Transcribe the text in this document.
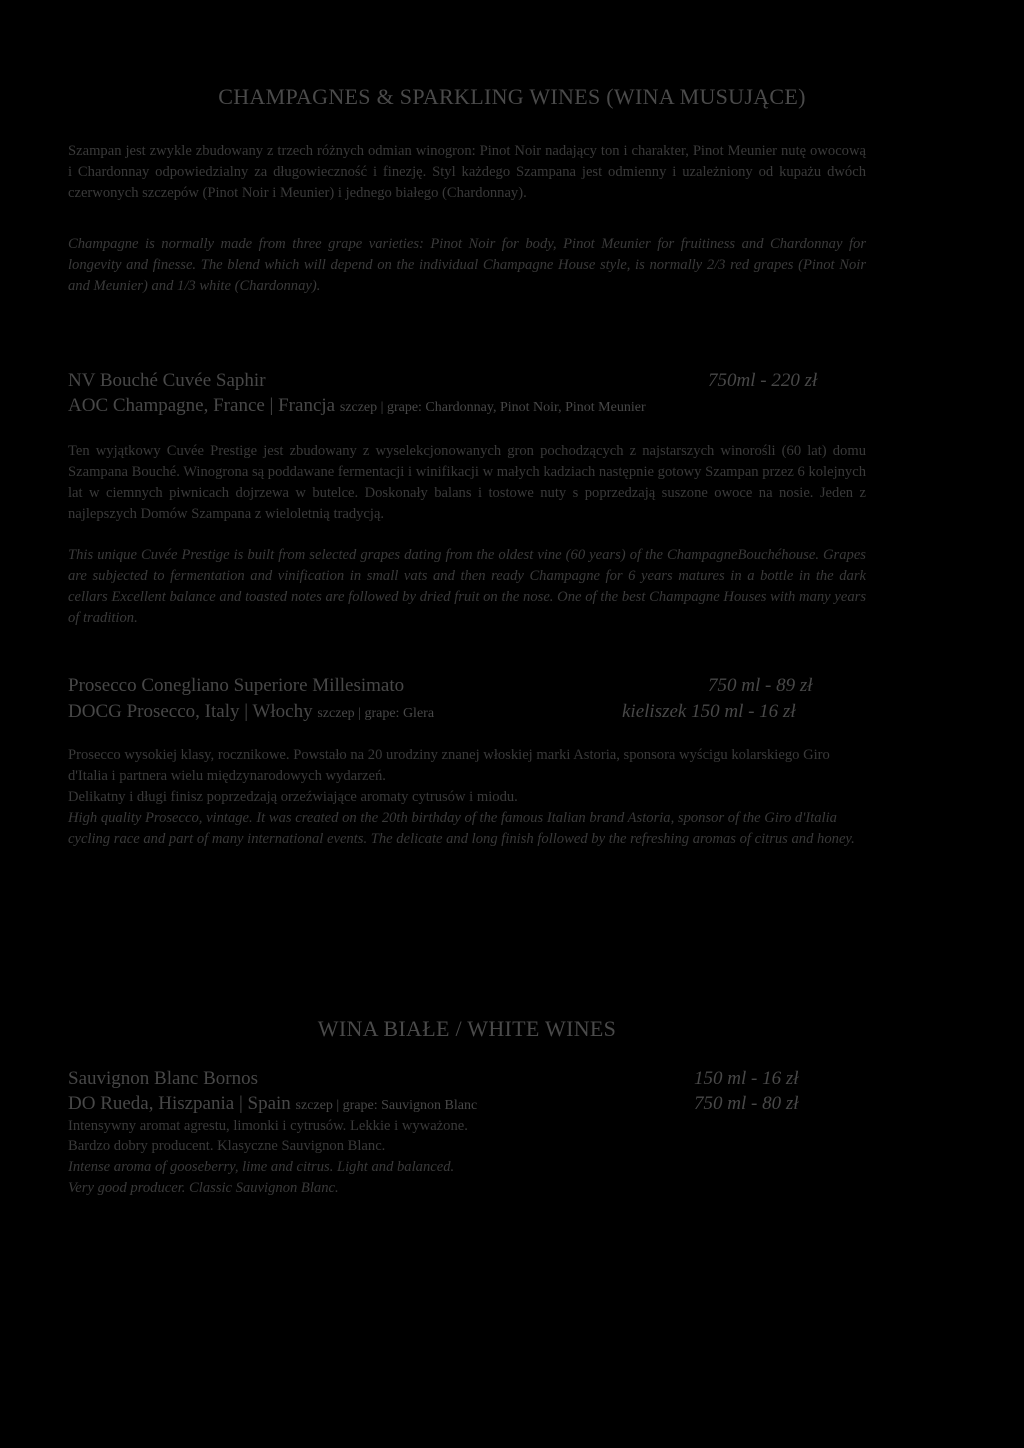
CHAMPAGNES & SPARKLING WINES (WINA MUSUJĄCE)

Szampan jest zwykle zbudowany z trzech różnych odmian winogron: Pinot Noir nadający ton i charakter, Pinot Meunier nutę owocową i Chardonnay odpowiedzialny za długowieczność i finezję. Styl każdego Szampana jest odmienny i uzależniony od kupażu dwóch czerwonych szczepów (Pinot Noir i Meunier) i jednego białego (Chardonnay).

Champagne is normally made from three grape varieties: Pinot Noir for body, Pinot Meunier for fruitiness and Chardonnay for longevity and finesse. The blend which will depend on the individual Champagne House style, is normally 2/3 red grapes (Pinot Noir and Meunier) and 1/3 white (Chardonnay).

NV Bouché Cuvée Saphir	750ml - 220 zł
AOC Champagne, France | Francja szczep | grape: Chardonnay, Pinot Noir, Pinot Meunier

Ten wyjątkowy Cuvée Prestige jest zbudowany z wyselekcjonowanych gron pochodzących z najstarszych winorośli (60 lat) domu Szampana Bouché. Winogrona są poddawane fermentacji i winifikacji w małych kadziach następnie gotowy Szampan przez 6 kolejnych lat w ciemnych piwnicach dojrzewa w butelce. Doskonały balans i tostowe nuty s poprzedzają suszone owoce na nosie. Jeden z najlepszych Domów Szampana z wieloletnią tradycją.

This unique Cuvée Prestige is built from selected grapes dating from the oldest vine (60 years) of the ChampagneBouchéhouse. Grapes are subjected to fermentation and vinification in small vats and then ready Champagne for 6 years matures in a bottle in the dark cellars Excellent balance and toasted notes are followed by dried fruit on the nose. One of the best Champagne Houses with many years of tradition.

Prosecco Conegliano Superiore Millesimato	750 ml - 89 zł
DOCG Prosecco, Italy | Włochy szczep | grape: Glera	kieliszek 150 ml - 16 zł

Prosecco wysokiej klasy, rocznikowe. Powstało na 20 urodziny znanej włoskiej marki Astoria, sponsora wyścigu kolarskiego Giro d'Italia i partnera wielu międzynarodowych wydarzeń.

Delikatny i długi finisz poprzedzają orzeźwiające aromaty cytrusów i miodu.

High quality Prosecco, vintage. It was created on the 20th birthday of the famous Italian brand Astoria, sponsor of the Giro d'Italia cycling race and part of many international events. The delicate and long finish followed by the refreshing aromas of citrus and honey.

WINA BIAŁE / WHITE WINES
Sauvignon Blanc Bornos	150 ml - 16 zł
DO Rueda, Hiszpania | Spain szczep | grape: Sauvignon Blanc	750 ml - 80 zł

Intensywny aromat agrestu, limonki i cytrusów. Lekkie i wyważone.

Bardzo dobry producent. Klasyczne Sauvignon Blanc.

Intense aroma of gooseberry, lime and citrus. Light and balanced.

Very good producer. Classic Sauvignon Blanc.
